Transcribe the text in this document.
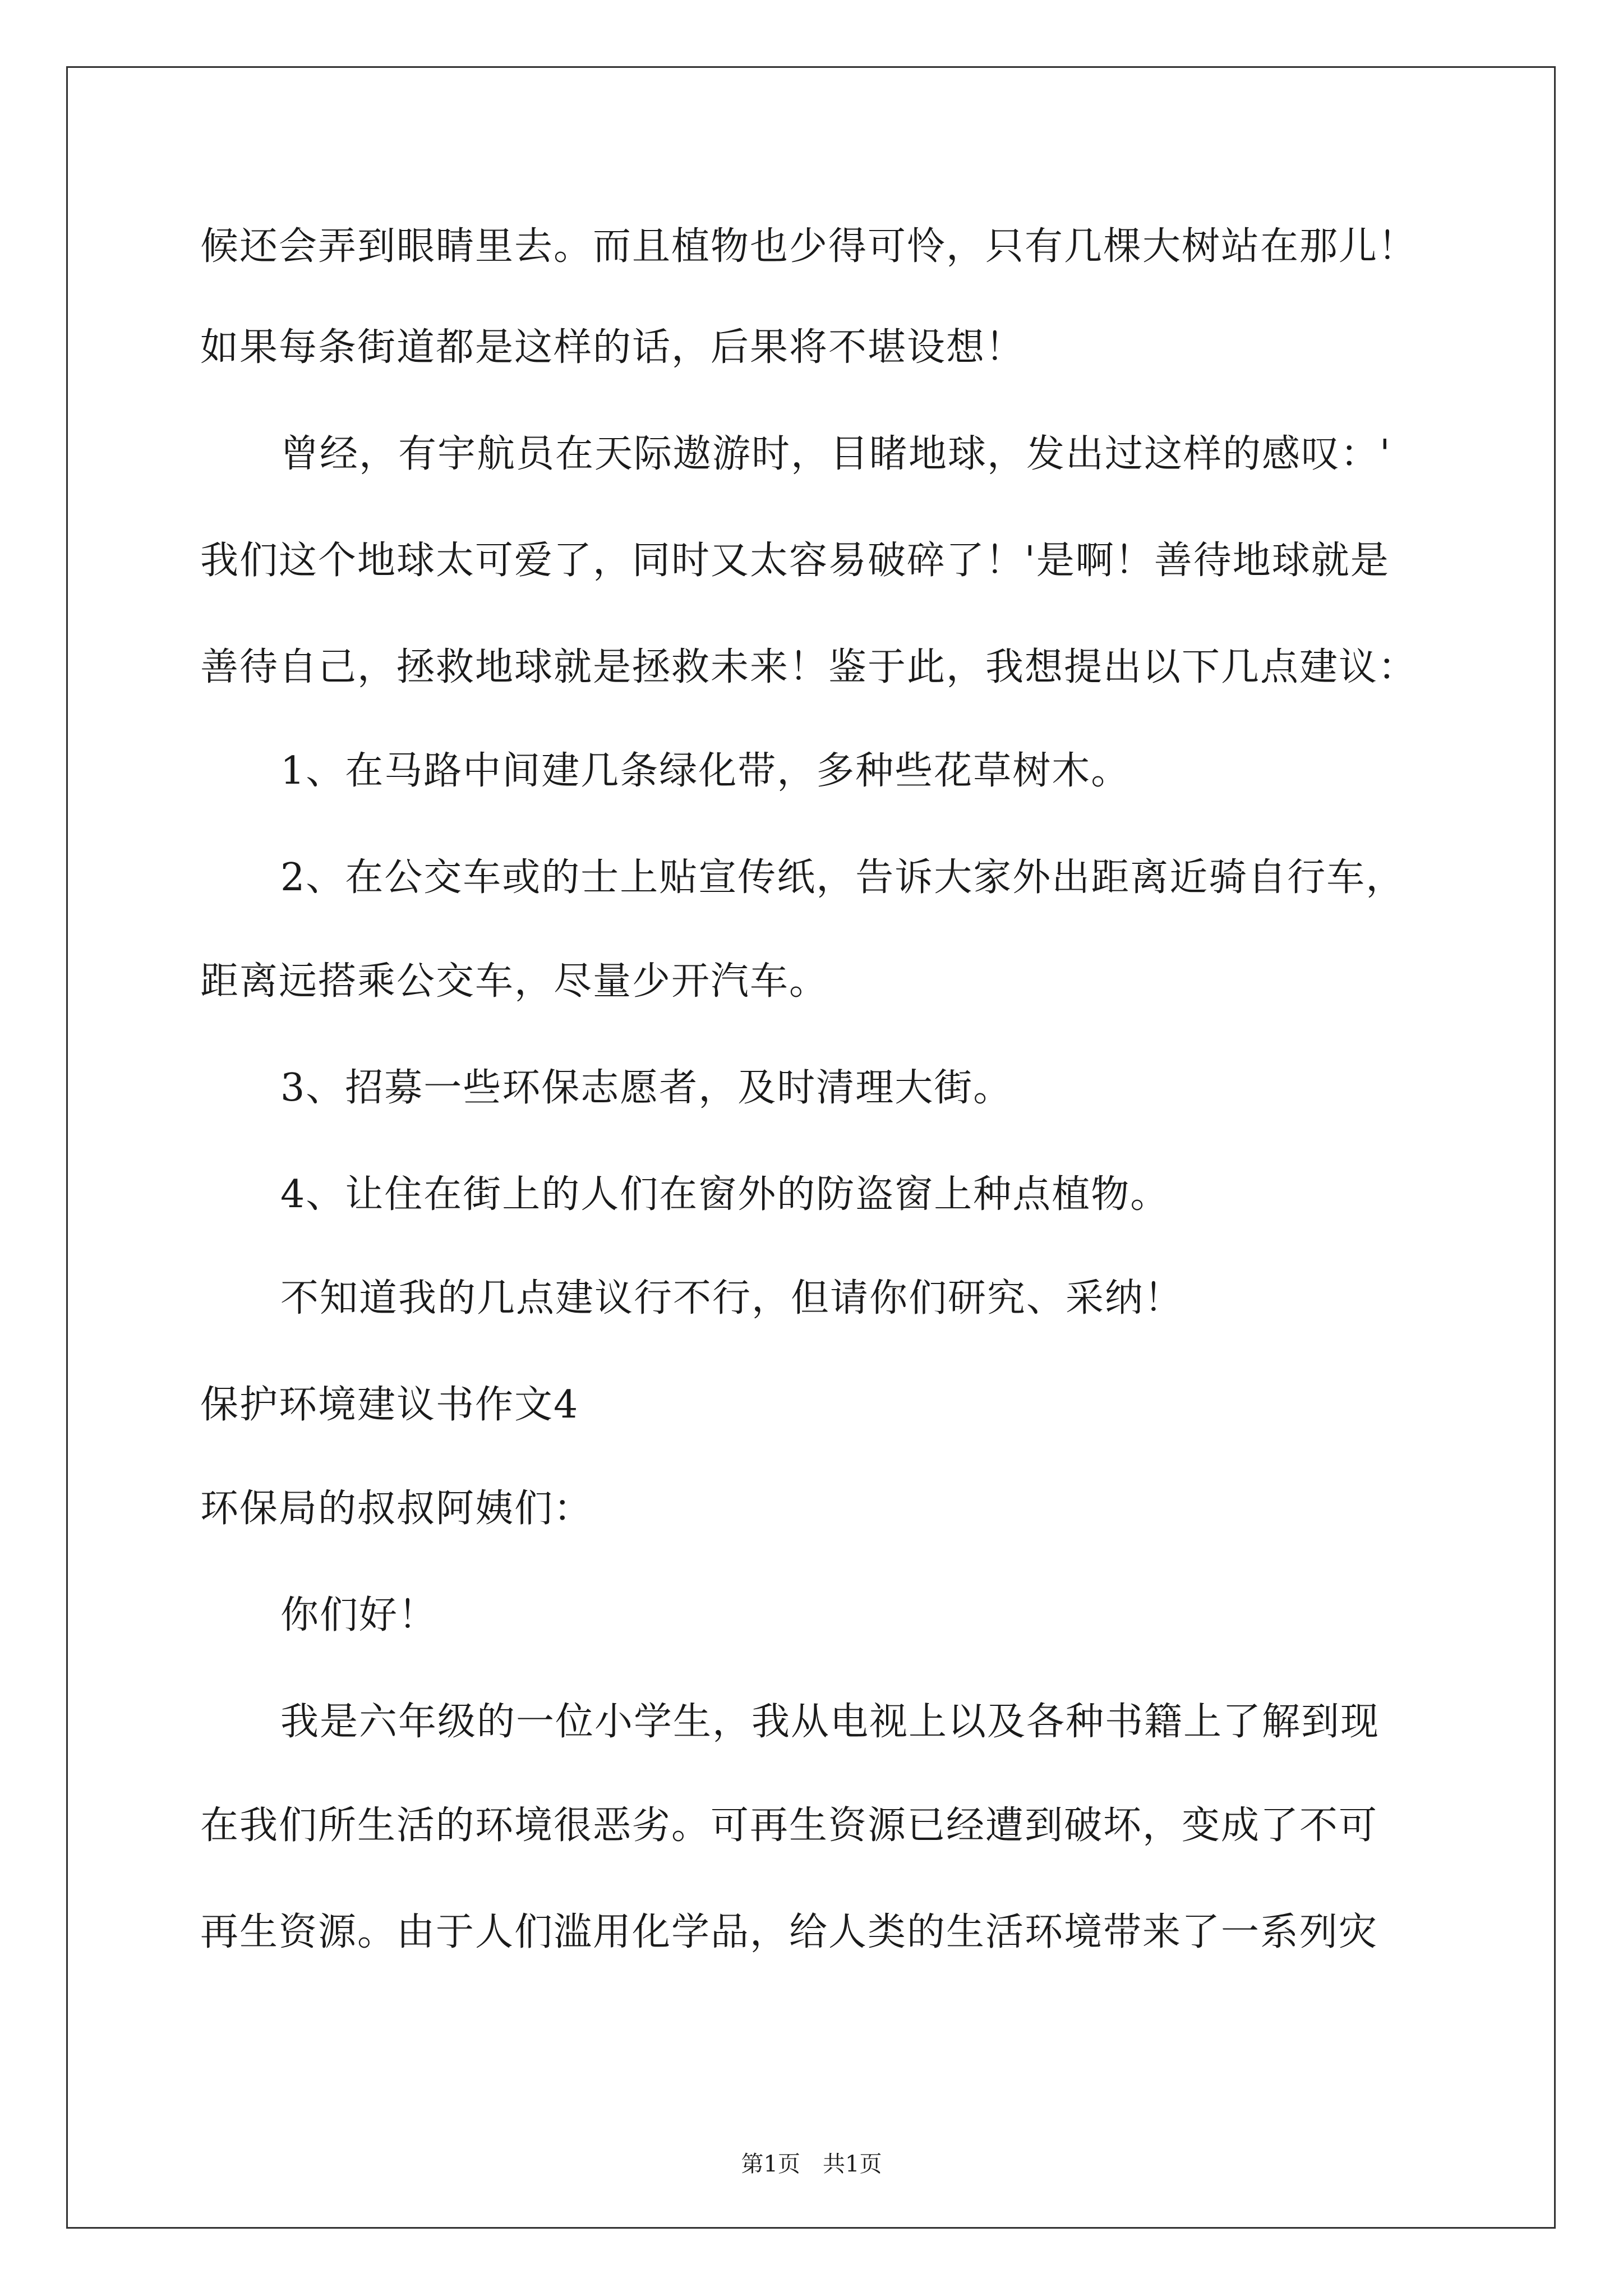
候还会弄到眼睛里去。而且植物也少得可怜，只有几棵大树站在那儿！
如果每条街道都是这样的话，后果将不堪设想！
曾经，有宇航员在天际遨游时，目睹地球，发出过这样的感叹：'
我们这个地球太可爱了，同时又太容易破碎了！'是啊！善待地球就是
善待自己，拯救地球就是拯救未来！鉴于此，我想提出以下几点建议：
1、在马路中间建几条绿化带，多种些花草树木。
2、在公交车或的士上贴宣传纸，告诉大家外出距离近骑自行车，
距离远搭乘公交车，尽量少开汽车。
3、招募一些环保志愿者，及时清理大街。
4、让住在街上的人们在窗外的防盗窗上种点植物。
不知道我的几点建议行不行，但请你们研究、采纳！
保护环境建议书作文4
环保局的叔叔阿姨们：
你们好！
我是六年级的一位小学生，我从电视上以及各种书籍上了解到现
在我们所生活的环境很恶劣。可再生资源已经遭到破坏，变成了不可
再生资源。由于人们滥用化学品，给人类的生活环境带来了一系列灾
第1页　共1页
